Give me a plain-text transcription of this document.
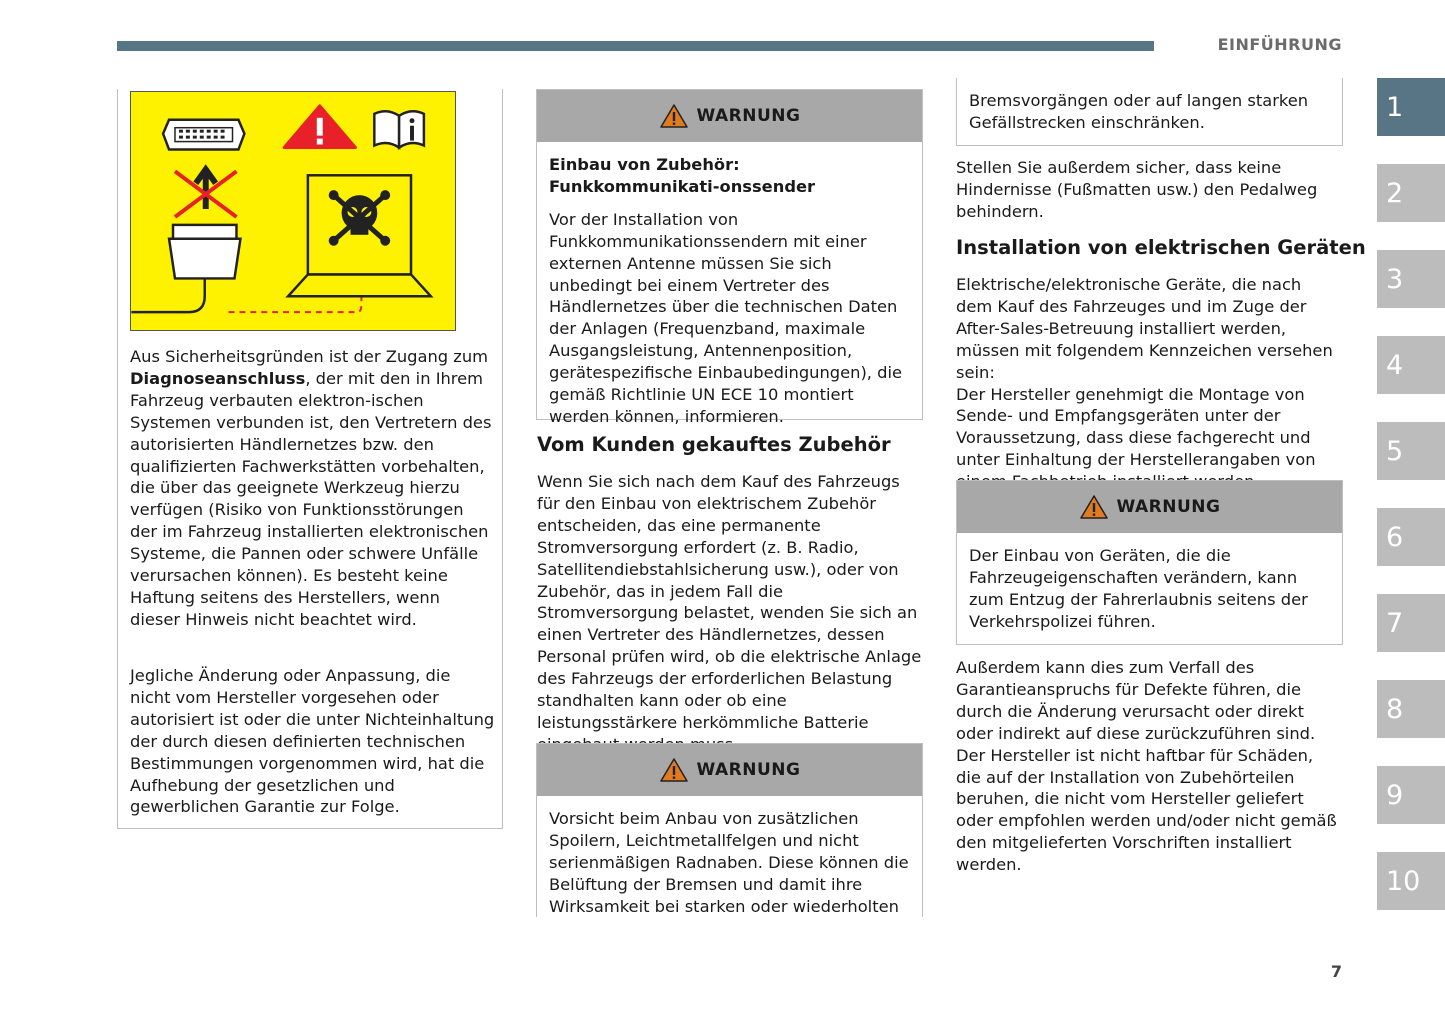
EINFÜHRUNG
1
2
3
4
5
6
7
8
9
10

Aus Sicherheitsgründen ist der Zugang zum Diagnoseanschluss, der mit den in Ihrem Fahrzeug verbauten elektron-ischen Systemen verbunden ist, den Vertretern des autorisierten Händlernetzes bzw. den qualifizierten Fachwerkstätten vorbehalten, die über das geeignete Werkzeug hierzu verfügen (Risiko von Funktionsstörungen der im Fahrzeug installierten elektronischen Systeme, die Pannen oder schwere Unfälle verursachen können). Es besteht keine Haftung seitens des Herstellers, wenn dieser Hinweis nicht beachtet wird.

Jegliche Änderung oder Anpassung, die nicht vom Hersteller vorgesehen oder autorisiert ist oder die unter Nichteinhaltung der durch diesen definierten technischen Bestimmungen vorgenommen wird, hat die Aufhebung der gesetzlichen und gewerblichen Garantie zur Folge.

WARNUNG

Einbau von Zubehör: Funkkommunikati-onssender

Vor der Installation von Funkkommunikationssendern mit einer externen Antenne müssen Sie sich unbedingt bei einem Vertreter des Händlernetzes über die technischen Daten der Anlagen (Frequenzband, maximale Ausgangsleistung, Antennenposition, gerätespezifische Einbaubedingungen), die gemäß Richtlinie UN ECE 10 montiert werden können, informieren.

Vom Kunden gekauftes Zubehör

Wenn Sie sich nach dem Kauf des Fahrzeugs für den Einbau von elektrischem Zubehör entscheiden, das eine permanente Stromversorgung erfordert (z. B. Radio, Satellitendiebstahlsicherung usw.), oder von Zubehör, das in jedem Fall die Stromversorgung belastet, wenden Sie sich an einen Vertreter des Händlernetzes, dessen Personal prüfen wird, ob die elektrische Anlage des Fahrzeugs der erforderlichen Belastung standhalten kann oder ob eine leistungsstärkere herkömmliche Batterie

WARNUNG

Vorsicht beim Anbau von zusätzlichen Spoilern, Leichtmetallfelgen und nicht serienmäßigen Radnaben. Diese können die Belüftung der Bremsen und damit ihre Wirksamkeit bei starken oder wiederholten

Bremsvorgängen oder auf langen starken Gefällstrecken einschränken.

Stellen Sie außerdem sicher, dass keine Hindernisse (Fußmatten usw.) den Pedalweg behindern.

Installation von elektrischen Geräten

Elektrische/elektronische Geräte, die nach dem Kauf des Fahrzeuges und im Zuge der After-Sales-Betreuung installiert werden, müssen mit folgendem Kennzeichen versehen sein:
Der Hersteller genehmigt die Montage von Sende- und Empfangsgeräten unter der Voraussetzung, dass diese fachgerecht und unter Einhaltung der Herstellerangaben von

WARNUNG

Der Einbau von Geräten, die die Fahrzeugeigenschaften verändern, kann zum Entzug der Fahrerlaubnis seitens der Verkehrspolizei führen.

Außerdem kann dies zum Verfall des Garantieanspruchs für Defekte führen, die durch die Änderung verursacht oder direkt oder indirekt auf diese zurückzuführen sind.
Der Hersteller ist nicht haftbar für Schäden, die auf der Installation von Zubehörteilen beruhen, die nicht vom Hersteller geliefert oder empfohlen werden und/oder nicht gemäß den mitgelieferten Vorschriften installiert werden.

7
